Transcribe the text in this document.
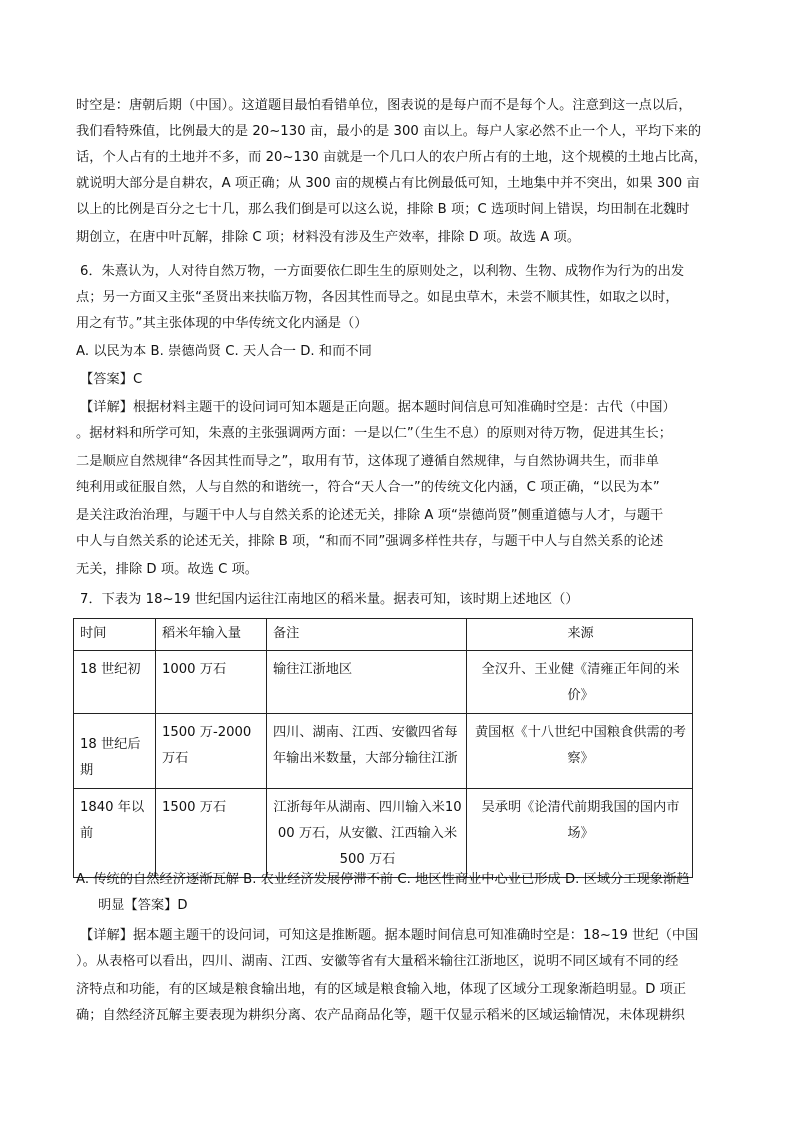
时空是：唐朝后期（中国）。这道题目最怕看错单位，图表说的是每户而不是每个人。注意到这一点以后，
我们看特殊值，比例最大的是 20~130 亩，最小的是 300 亩以上。每户人家必然不止一个人，平均下来的
话，个人占有的土地并不多，而 20~130 亩就是一个几口人的农户所占有的土地，这个规模的土地占比高，
就说明大部分是自耕农，A 项正确；从 300 亩的规模占有比例最低可知，土地集中并不突出，如果 300 亩
以上的比例是百分之七十几，那么我们倒是可以这么说，排除 B 项；C 选项时间上错误，均田制在北魏时
期创立，在唐中叶瓦解，排除 C 项；材料没有涉及生产效率，排除 D 项。故选 A 项。
6．朱熹认为，人对待自然万物，一方面要依仁即生生的原则处之，以利物、生物、成物作为行为的出发
点；另一方面又主张“圣贤出来扶临万物，各因其性而导之。如昆虫草木，未尝不顺其性，如取之以时，
用之有节。”其主张体现的中华传统文化内涵是（）
A. 以民为本 B. 崇德尚贤 C. 天人合一 D. 和而不同
【答案】C
【详解】根据材料主题干的设问词可知本题是正向题。据本题时间信息可知准确时空是：古代（中国）
。据材料和所学可知，朱熹的主张强调两方面：一是以仁”（生生不息）的原则对待万物，促进其生长；
二是顺应自然规律“各因其性而导之”，取用有节，这体现了遵循自然规律，与自然协调共生，而非单
纯利用或征服自然，人与自然的和谐统一，符合“天人合一”的传统文化内涵，C 项正确，“以民为本”
是关注政治治理，与题干中人与自然关系的论述无关，排除 A 项“崇德尚贤”侧重道德与人才，与题干
中人与自然关系的论述无关，排除 B 项，“和而不同”强调多样性共存，与题干中人与自然关系的论述
无关，排除 D 项。故选 C 项。
7．下表为 18~19 世纪国内运往江南地区的稻米量。据表可知，该时期上述地区（）
时间	稻米年输入量	备注	来源
18 世纪初	1000 万石	输往江浙地区	全汉升、王业健《清雍正年间的米价》
18 世纪后期	1500 万-2000 万石	四川、湖南、江西、安徽四省每年输出米数量，大部分输往江浙	黄国枢《十八世纪中国粮食供需的考察》
1840 年以前	1500 万石	江浙每年从湖南、四川输入米1000 万石，从安徽、江西输入米 500 万石	吴承明《论清代前期我国的国内市场》
A. 传统的自然经济逐渐瓦解 B. 农业经济发展停滞不前 C. 地区性商业中心业已形成 D. 区域分工现象渐趋
明显【答案】D
【详解】据本题主题干的设问词，可知这是推断题。据本题时间信息可知准确时空是：18~19 世纪（中国
）。从表格可以看出，四川、湖南、江西、安徽等省有大量稻米输往江浙地区，说明不同区域有不同的经
济特点和功能，有的区域是粮食输出地，有的区域是粮食输入地，体现了区域分工现象渐趋明显。D 项正
确；自然经济瓦解主要表现为耕织分离、农产品商品化等，题干仅显示稻米的区域运输情况，未体现耕织
